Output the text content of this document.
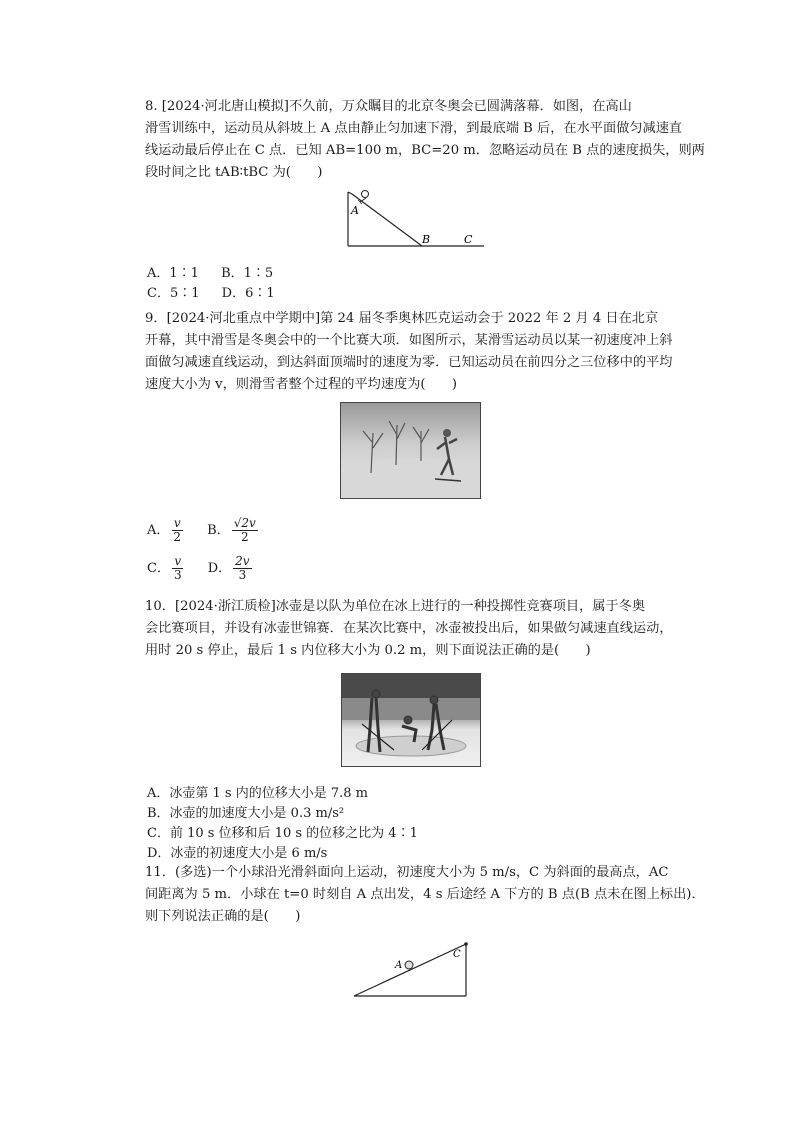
8. [2024·河北唐山模拟]不久前，万众瞩目的北京冬奥会已圆满落幕．如图，在高山
滑雪训练中，运动员从斜坡上 A 点由静止匀加速下滑，到最底端 B 后，在水平面做匀减速直
线运动最后停止在 C 点．已知 AB=100 m，BC=20 m．忽略运动员在 B 点的速度损失，则两
段时间之比 tAB∶tBC 为(　　)
A
B	C
A．1∶1 B．1∶5
C．5∶1 D．6∶1
9．[2024·河北重点中学期中]第 24 届冬季奥林匹克运动会于 2022 年 2 月 4 日在北京
开幕，其中滑雪是冬奥会中的一个比赛大项．如图所示，某滑雪运动员以某一初速度冲上斜
面做匀减速直线运动，到达斜面顶端时的速度为零．已知运动员在前四分之三位移中的平均
速度大小为 v，则滑雪者整个过程的平均速度为(　　)
A． $\frac{v}{2}$ B． $\frac{√2v}{2}$
C． $\frac{v}{3}$ D． $\frac{2v}{3}$
10．[2024·浙江质检]冰壶是以队为单位在冰上进行的一种投掷性竞赛项目，属于冬奥
会比赛项目，并设有冰壶世锦赛．在某次比赛中，冰壶被投出后，如果做匀减速直线运动，
用时 20 s 停止，最后 1 s 内位移大小为 0.2 m，则下面说法正确的是(　　)
A．冰壶第 1 s 内的位移大小是 7.8 m
B．冰壶的加速度大小是 0.3 m/s²
C．前 10 s 位移和后 10 s 的位移之比为 4∶1
D．冰壶的初速度大小是 6 m/s
11．(多选)一个小球沿光滑斜面向上运动，初速度大小为 5 m/s，C 为斜面的最高点，AC
间距离为 5 m．小球在 t=0 时刻自 A 点出发，4 s 后途经 A 下方的 B 点(B 点未在图上标出)．
则下列说法正确的是(　　)
A
C
